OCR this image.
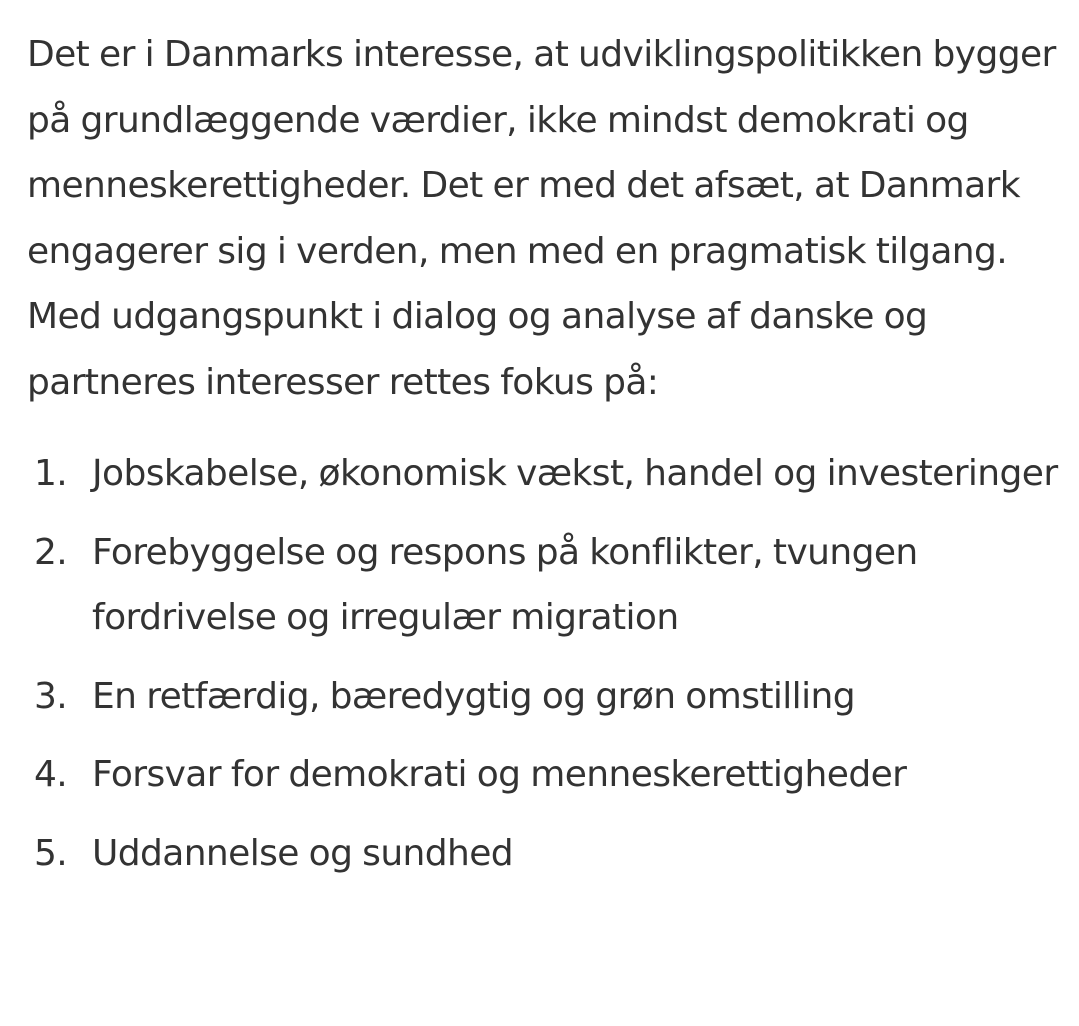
Det er i Danmarks interesse, at udviklingspolitikken bygger på grundlæggende værdier, ikke mindst demokrati og menneskerettigheder. Det er med det afsæt, at Danmark engagerer sig i verden, men med en pragmatisk tilgang. Med udgangspunkt i dialog og analyse af danske og partneres interesser rettes fokus på:

1. Jobskabelse, økonomisk vækst, handel og investeringer
2. Forebyggelse og respons på konflikter, tvungen fordrivelse og irregulær migration
3. En retfærdig, bæredygtig og grøn omstilling
4. Forsvar for demokrati og menneskerettigheder
5. Uddannelse og sundhed
